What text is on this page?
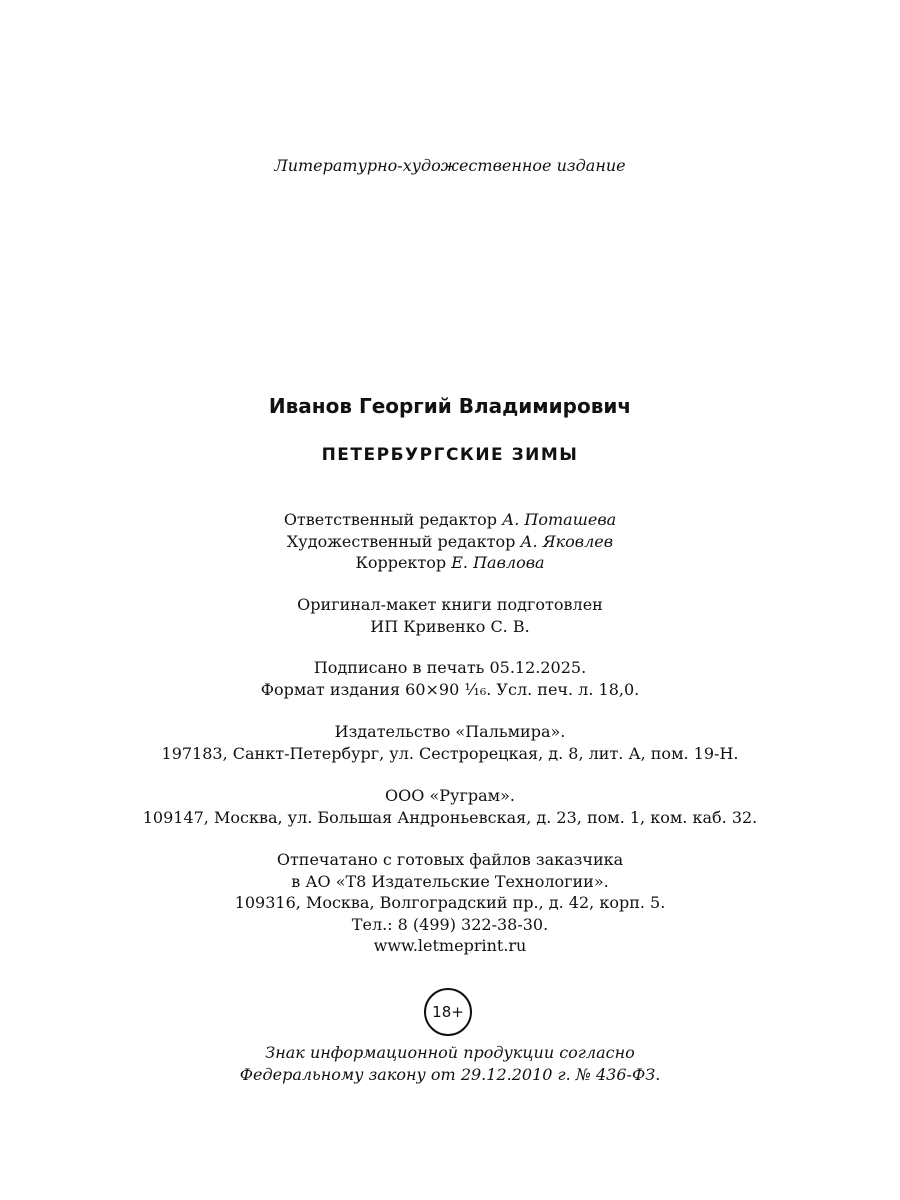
Литературно-художественное издание
Иванов Георгий Владимирович
ПЕТЕРБУРГСКИЕ ЗИМЫ

Ответственный редактор А. Поташева

Художественный редактор А. Яковлев

Корректор Е. Павлова

Оригинал-макет книги подготовлен

ИП Кривенко С. В.

Подписано в печать 05.12.2025.

Формат издания 60×90 ¹⁄₁₆. Усл. печ. л. 18,0.

Издательство «Пальмира».

197183, Санкт-Петербург, ул. Сестрорецкая, д. 8, лит. А, пом. 19-Н.

ООО «Руграм».

109147, Москва, ул. Большая Андроньевская, д. 23, пом. 1, ком. каб. 32.

Отпечатано с готовых файлов заказчика

в АО «Т8 Издательские Технологии».

109316, Москва, Волгоградский пр., д. 42, корп. 5.

Тел.: 8 (499) 322-38-30.

www.letmeprint.ru

18+

Знак информационной продукции согласно

Федеральному закону от 29.12.2010 г. № 436-ФЗ.
